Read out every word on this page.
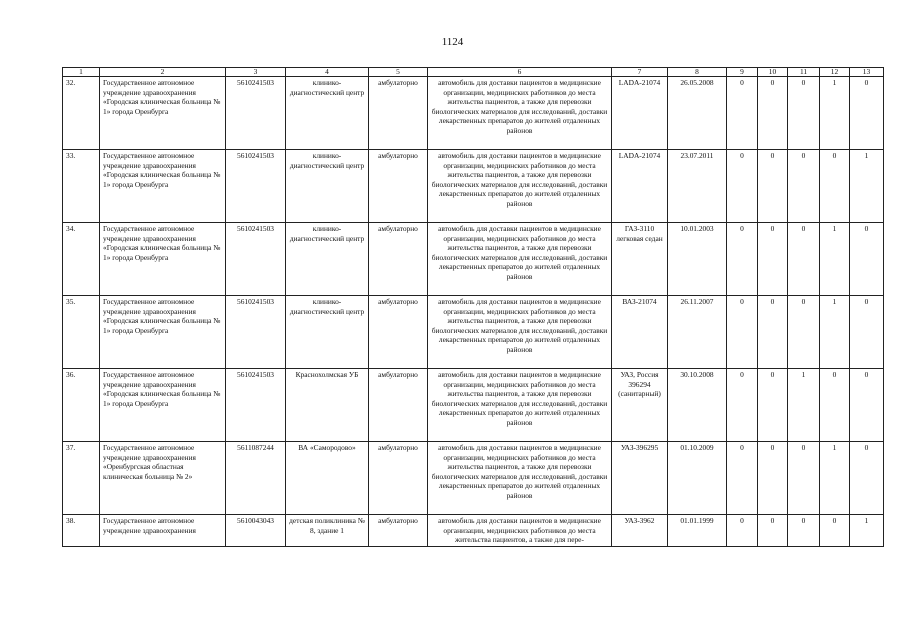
1124
1	2	3	4	5	6	7	8	9	10	11	12	13
32.	Государственное автономное учреждение здравоохранения «Городская клиническая больница № 1» города Оренбурга	5610241503	клинико-диагностический центр	амбулаторно	автомобиль для доставки пациентов в медицинские организации, медицинских работников до места жительства пациентов, а также для перевозки биологических материалов для исследований, доставки лекарственных препаратов до жителей отдаленных районов	LADA-21074	26.05.2008	0	0	0	1	0
33.	Государственное автономное учреждение здравоохранения «Городская клиническая больница № 1» города Оренбурга	5610241503	клинико-диагностический центр	амбулаторно	автомобиль для доставки пациентов в медицинские организации, медицинских работников до места жительства пациентов, а также для перевозки биологических материалов для исследований, доставки лекарственных препаратов до жителей отдаленных районов	LADA-21074	23.07.2011	0	0	0	0	1
34.	Государственное автономное учреждение здравоохранения «Городская клиническая больница № 1» города Оренбурга	5610241503	клинико-диагностический центр	амбулаторно	автомобиль для доставки пациентов в медицинские организации, медицинских работников до места жительства пациентов, а также для перевозки биологических материалов для исследований, доставки лекарственных препаратов до жителей отдаленных районов	ГАЗ-3110 легковая седан	10.01.2003	0	0	0	1	0
35.	Государственное автономное учреждение здравоохранения «Городская клиническая больница № 1» города Оренбурга	5610241503	клинико-диагностический центр	амбулаторно	автомобиль для доставки пациентов в медицинские организации, медицинских работников до места жительства пациентов, а также для перевозки биологических материалов для исследований, доставки лекарственных препаратов до жителей отдаленных районов	ВАЗ-21074	26.11.2007	0	0	0	1	0
36.	Государственное автономное учреждение здравоохранения «Городская клиническая больница № 1» города Оренбурга	5610241503	Краснохолмская УБ	амбулаторно	автомобиль для доставки пациентов в медицинские организации, медицинских работников до места жительства пациентов, а также для перевозки биологических материалов для исследований, доставки лекарственных препаратов до жителей отдаленных районов	УАЗ, Россия 396294 (санитарный)	30.10.2008	0	0	1	0	0
37.	Государственное автономное учреждение здравоохранения «Оренбургская областная клиническая больница № 2»	5611087244	ВА «Самородово»	амбулаторно	автомобиль для доставки пациентов в медицинские организации, медицинских работников до места жительства пациентов, а также для перевозки биологических материалов для исследований, доставки лекарственных препаратов до жителей отдаленных районов	УАЗ-396295	01.10.2009	0	0	0	1	0
38.	Государственное автономное учреждение здравоохранения	5610043043	детская поликлиника № 8, здание 1	амбулаторно	автомобиль для доставки пациентов в медицинские организации, медицинских работников до места жительства пациентов, а также для пере-	УАЗ-3962	01.01.1999	0	0	0	0	1
